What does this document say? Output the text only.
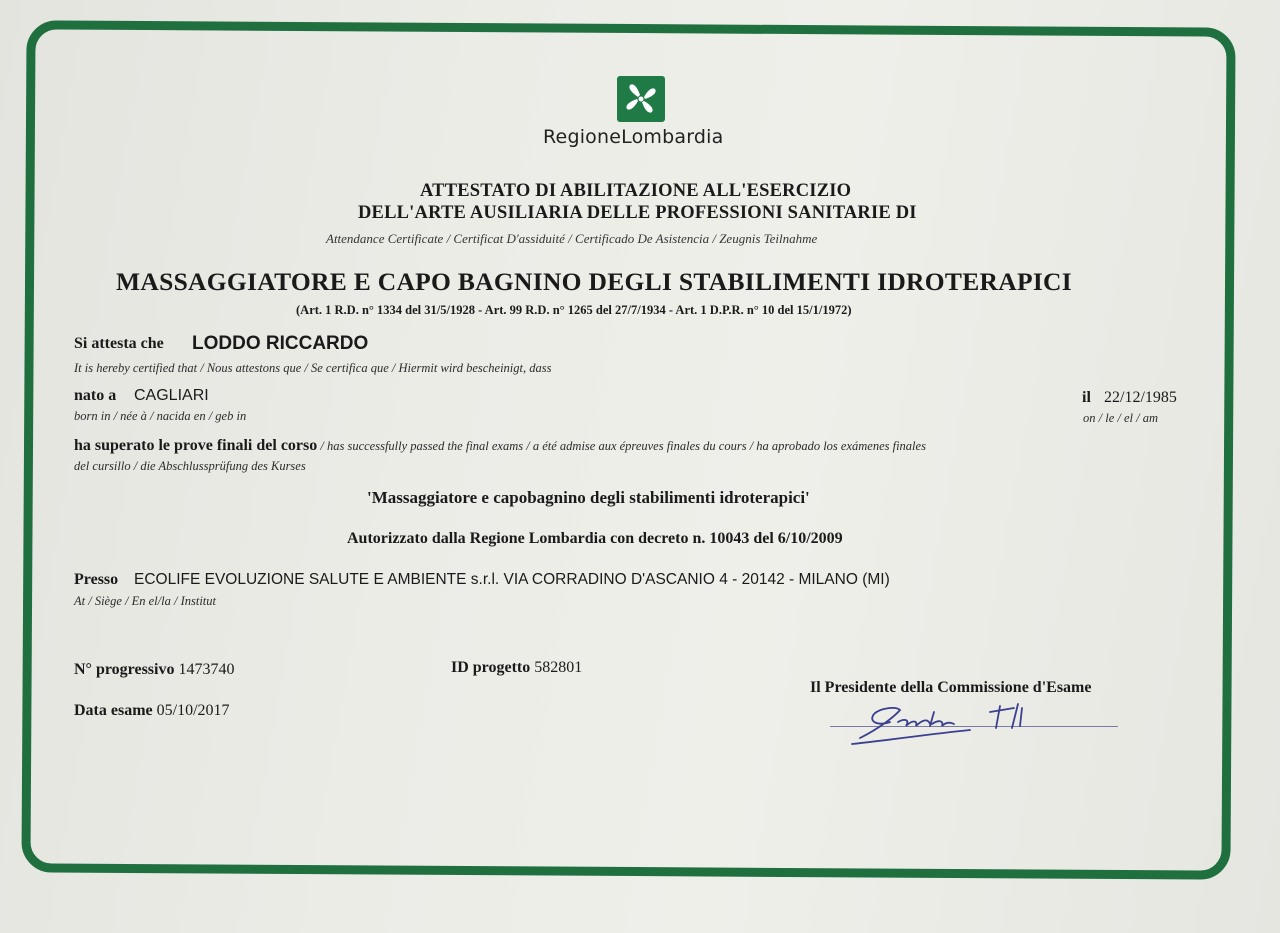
RegioneLombardia
ATTESTATO DI ABILITAZIONE ALL'ESERCIZIO
DELL'ARTE AUSILIARIA DELLE PROFESSIONI SANITARIE DI
Attendance Certificate / Certificat D'assiduité / Certificado De Asistencia / Zeugnis Teilnahme
MASSAGGIATORE E CAPO BAGNINO DEGLI STABILIMENTI IDROTERAPICI
(Art. 1 R.D. n° 1334 del 31/5/1928 - Art. 99 R.D. n° 1265 del 27/7/1934 - Art. 1 D.P.R. n° 10 del 15/1/1972)
Si attesta che LODDO RICCARDO
It is hereby certified that / Nous attestons que / Se certifica que / Hiermit wird bescheinigt, dass
nato a CAGLIARI
born in / née à / nacida en / geb in
il 22/12/1985
on / le / el / am
ha superato le prove finali del corso / has successfully passed the final exams / a été admise aux épreuves finales du cours / ha aprobado los exámenes finales
del cursillo / die Abschlussprüfung des Kurses
'Massaggiatore e capobagnino degli stabilimenti idroterapici'
Autorizzato dalla Regione Lombardia con decreto n. 10043 del 6/10/2009
Presso ECOLIFE EVOLUZIONE SALUTE E AMBIENTE s.r.l. VIA CORRADINO D'ASCANIO 4 - 20142 - MILANO (MI)
At / Siège / En el/la / Institut
N° progressivo 1473740	ID progetto 582801
Data esame 05/10/2017
Il Presidente della Commissione d'Esame
